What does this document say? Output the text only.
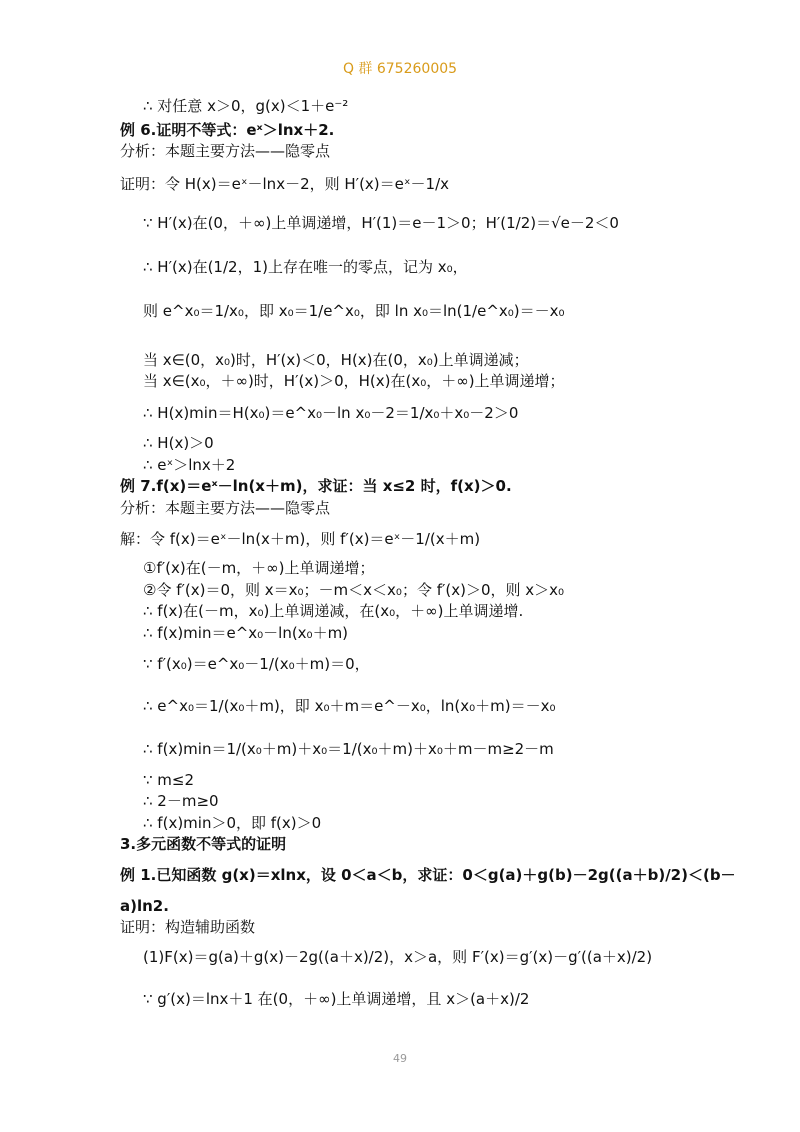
Q 群 675260005
∴ 对任意 x＞0，g(x)＜1＋e⁻²
例 6.证明不等式：eˣ＞lnx＋2.
分析：本题主要方法——隐零点
证明：令 H(x)＝eˣ－lnx－2，则 H′(x)＝eˣ－1/x
∵ H′(x)在(0，＋∞)上单调递增，H′(1)＝e－1＞0；H′(1/2)＝√e－2＜0
∴ H′(x)在(1/2，1)上存在唯一的零点，记为 x₀，
则 e^x₀＝1/x₀，即 x₀＝1/e^x₀，即 ln x₀＝ln(1/e^x₀)＝－x₀
当 x∈(0，x₀)时，H′(x)＜0，H(x)在(0，x₀)上单调递减；
当 x∈(x₀，＋∞)时，H′(x)＞0，H(x)在(x₀，＋∞)上单调递增；
∴ H(x)min＝H(x₀)＝e^x₀－ln x₀－2＝1/x₀＋x₀－2＞0
∴ H(x)＞0
∴ eˣ＞lnx＋2
例 7.f(x)＝eˣ－ln(x＋m)，求证：当 x≤2 时，f(x)＞0.
分析：本题主要方法——隐零点
解：令 f(x)＝eˣ－ln(x＋m)，则 f′(x)＝eˣ－1/(x＋m)
①f′(x)在(－m，＋∞)上单调递增；
②令 f′(x)＝0，则 x＝x₀；－m＜x＜x₀；令 f′(x)＞0，则 x＞x₀
∴ f(x)在(－m，x₀)上单调递减，在(x₀，＋∞)上单调递增.
∴ f(x)min＝e^x₀－ln(x₀＋m)
∵ f′(x₀)＝e^x₀－1/(x₀＋m)＝0，
∴ e^x₀＝1/(x₀＋m)，即 x₀＋m＝e^－x₀，ln(x₀＋m)＝－x₀
∴ f(x)min＝1/(x₀＋m)＋x₀＝1/(x₀＋m)＋x₀＋m－m≥2－m
∵ m≤2
∴ 2－m≥0
∴ f(x)min＞0，即 f(x)＞0
3.多元函数不等式的证明
例 1.已知函数 g(x)＝xlnx，设 0＜a＜b，求证：0＜g(a)＋g(b)－2g((a＋b)/2)＜(b－
a)ln2.
证明：构造辅助函数
(1)F(x)＝g(a)＋g(x)－2g((a＋x)/2)，x＞a，则 F′(x)＝g′(x)－g′((a＋x)/2)
∵ g′(x)＝lnx＋1 在(0，＋∞)上单调递增，且 x＞(a＋x)/2
49
